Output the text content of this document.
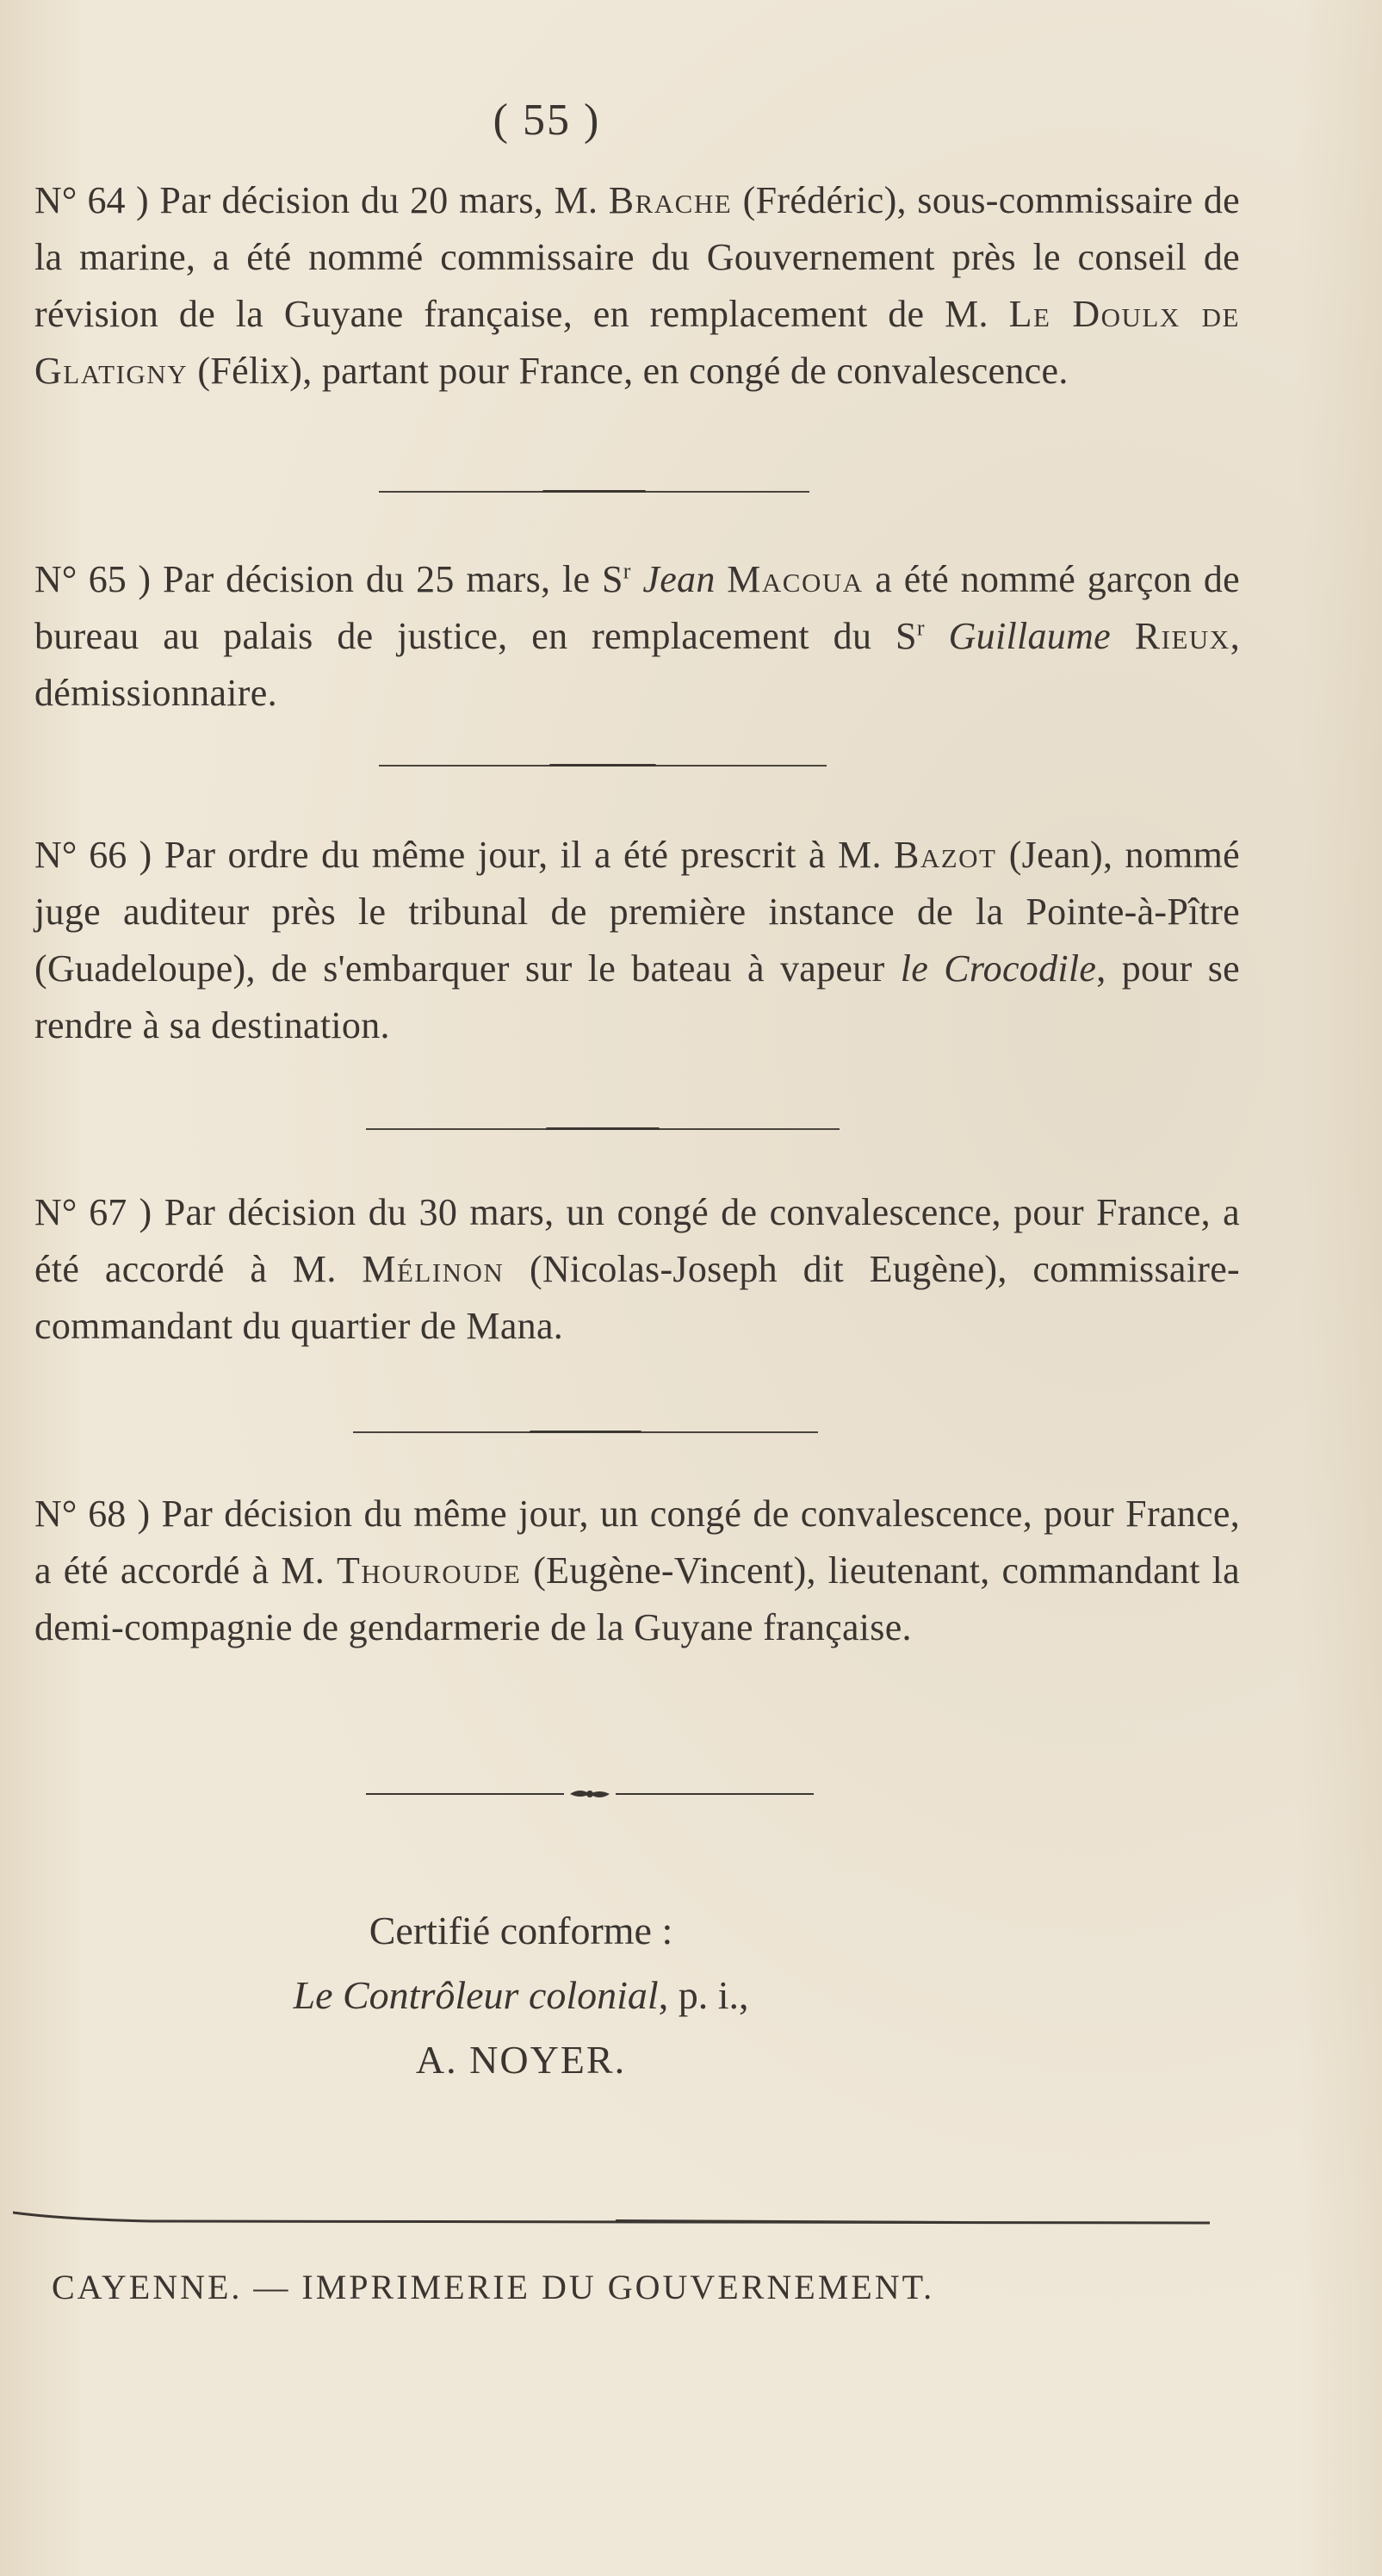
( 55 )
N° 64 ) Par décision du 20 mars, M. Brache (Frédéric), sous-commissaire de la marine, a été nommé commissaire du Gouvernement près le conseil de révision de la Guyane française, en remplacement de M. Le Doulx de Glatigny (Félix), partant pour France, en congé de convalescence.
N° 65 ) Par décision du 25 mars, le $S^r$ Jean Macoua a été nommé garçon de bureau au palais de justice, en remplacement du $S^r$ Guillaume Rieux, démissionnaire.
N° 66 ) Par ordre du même jour, il a été prescrit à M. Bazot (Jean), nommé juge auditeur près le tribunal de première instance de la Pointe-à-Pître (Guadeloupe), de s'embarquer sur le bateau à vapeur le Crocodile, pour se rendre à sa destination.
N° 67 ) Par décision du 30 mars, un congé de convalescence, pour France, a été accordé à M. Mélinon (Nicolas-Joseph dit Eugène), commissaire-commandant du quartier de Mana.
N° 68 ) Par décision du même jour, un congé de convalescence, pour France, a été accordé à M. Thouroude (Eugène-Vincent), lieutenant, commandant la demi-compagnie de gendarmerie de la Guyane française.
Certifié conforme :
Le Contrôleur colonial, p. i.,
A. NOYER.
CAYENNE. — IMPRIMERIE DU GOUVERNEMENT.
